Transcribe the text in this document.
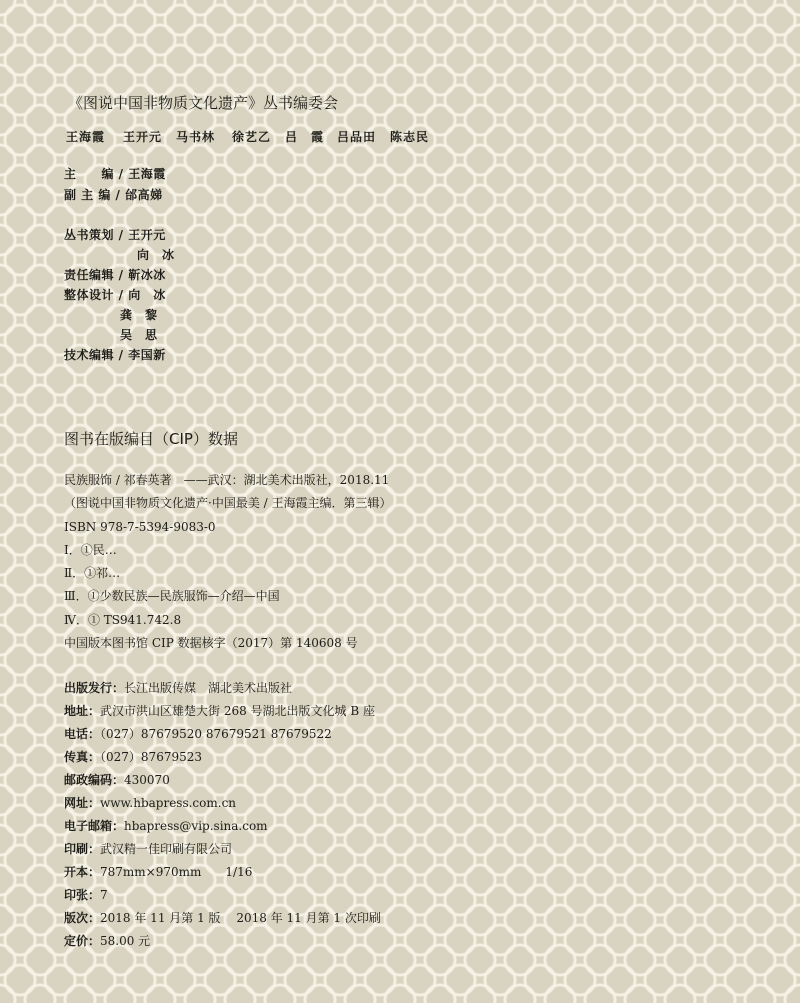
《图说中国非物质文化遗产》丛书编委会
王海霞 王开元 马书林 徐艺乙 吕　霞 吕品田 陈志民
主　　编 / 王海霞
副 主 编 / 邰高娣
丛书策划 / 王开元
向　冰
责任编辑 / 靳冰冰
整体设计 / 向　冰
龚　黎
吴　思
技术编辑 / 李国新
图书在版编目（CIP）数据
民族服饰 / 祁春英著　——武汉：湖北美术出版社，2018.11
（图说中国非物质文化遗产·中国最美 / 王海霞主编．第三辑）
ISBN 978-7-5394-9083-0
Ⅰ．①民…
Ⅱ．①祁…
Ⅲ．①少数民族—民族服饰—介绍—中国
Ⅳ．① TS941.742.8
中国版本图书馆 CIP 数据核字（2017）第 140608 号
出版发行：长江出版传媒　湖北美术出版社
地址：武汉市洪山区雄楚大街 268 号湖北出版文化城 B 座
电话：（027）87679520 87679521 87679522
传真：（027）87679523
邮政编码：430070
网址：www.hbapress.com.cn
电子邮箱：hbapress@vip.sina.com
印刷：武汉精一佳印刷有限公司
开本：787mm×970mm　　1/16
印张：7
版次：2018 年 11 月第 1 版　 2018 年 11 月第 1 次印刷
定价：58.00 元
